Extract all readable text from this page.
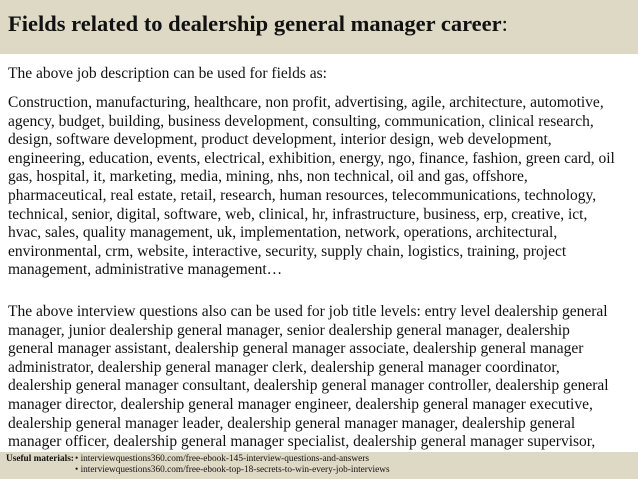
Fields related to dealership general manager career:
The above job description can be used for fields as:
Construction, manufacturing, healthcare, non profit, advertising, agile, architecture, automotive,
agency, budget, building, business development, consulting, communication, clinical research,
design, software development, product development, interior design, web development,
engineering, education, events, electrical, exhibition, energy, ngo, finance, fashion, green card, oil
gas, hospital, it, marketing, media, mining, nhs, non technical, oil and gas, offshore,
pharmaceutical, real estate, retail, research, human resources, telecommunications, technology,
technical, senior, digital, software, web, clinical, hr, infrastructure, business, erp, creative, ict,
hvac, sales, quality management, uk, implementation, network, operations, architectural,
environmental, crm, website, interactive, security, supply chain, logistics, training, project
management, administrative management…
The above interview questions also can be used for job title levels: entry level dealership general
manager, junior dealership general manager, senior dealership general manager, dealership
general manager assistant, dealership general manager associate, dealership general manager
administrator, dealership general manager clerk, dealership general manager coordinator,
dealership general manager consultant, dealership general manager controller, dealership general
manager director, dealership general manager engineer, dealership general manager executive,
dealership general manager leader, dealership general manager manager, dealership general
manager officer, dealership general manager specialist, dealership general manager supervisor,
Useful materials: • interviewquestions360.com/free-ebook-145-interview-questions-and-answers
• interviewquestions360.com/free-ebook-top-18-secrets-to-win-every-job-interviews
